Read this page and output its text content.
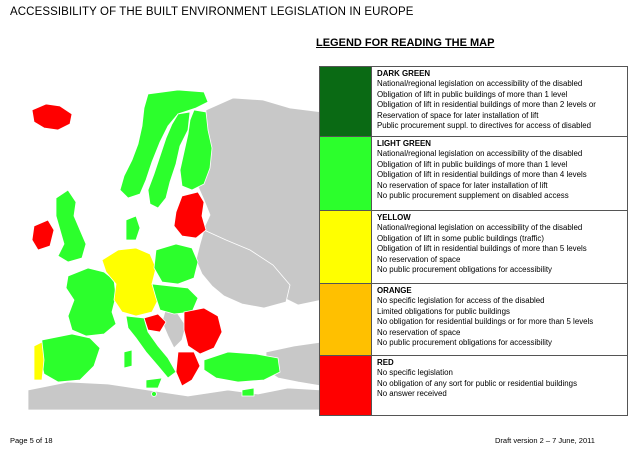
ACCESSIBILITY OF THE BUILT ENVIRONMENT LEGISLATION IN EUROPE
LEGEND FOR READING THE MAP
DARK GREEN
National/regional legislation on accessibility of the disabled
Obligation of lift in public buildings of more than 1 level
Obligation of lift in residential buildings of more than 2 levels or
Reservation of space for later installation of lift
Public procurement suppl. to directives for access of disabled
LIGHT GREEN
National/regional legislation on accessibility of the disabled
Obligation of lift in public buildings of more than 1 level
Obligation of lift in residential buildings of more than 4 levels
No reservation of space for later installation of lift
No public procurement supplement on disabled access
YELLOW
National/regional legislation on accessibility of the disabled
Obligation of lift in some public buildings (traffic)
Obligation of lift in residential buildings of more than 5 levels
No reservation of space
No public procurement obligations for accessibility
ORANGE
No specific legislation for access of the disabled
Limited obligations for public buildings
No obligation for residential buildings or for more than 5 levels
No reservation of space
No public procurement obligations for accessibility
RED
No specific legislation
No obligation of any sort for public or residential buildings
No answer received
Page 5 of 18	Draft version 2 – 7 June, 2011
